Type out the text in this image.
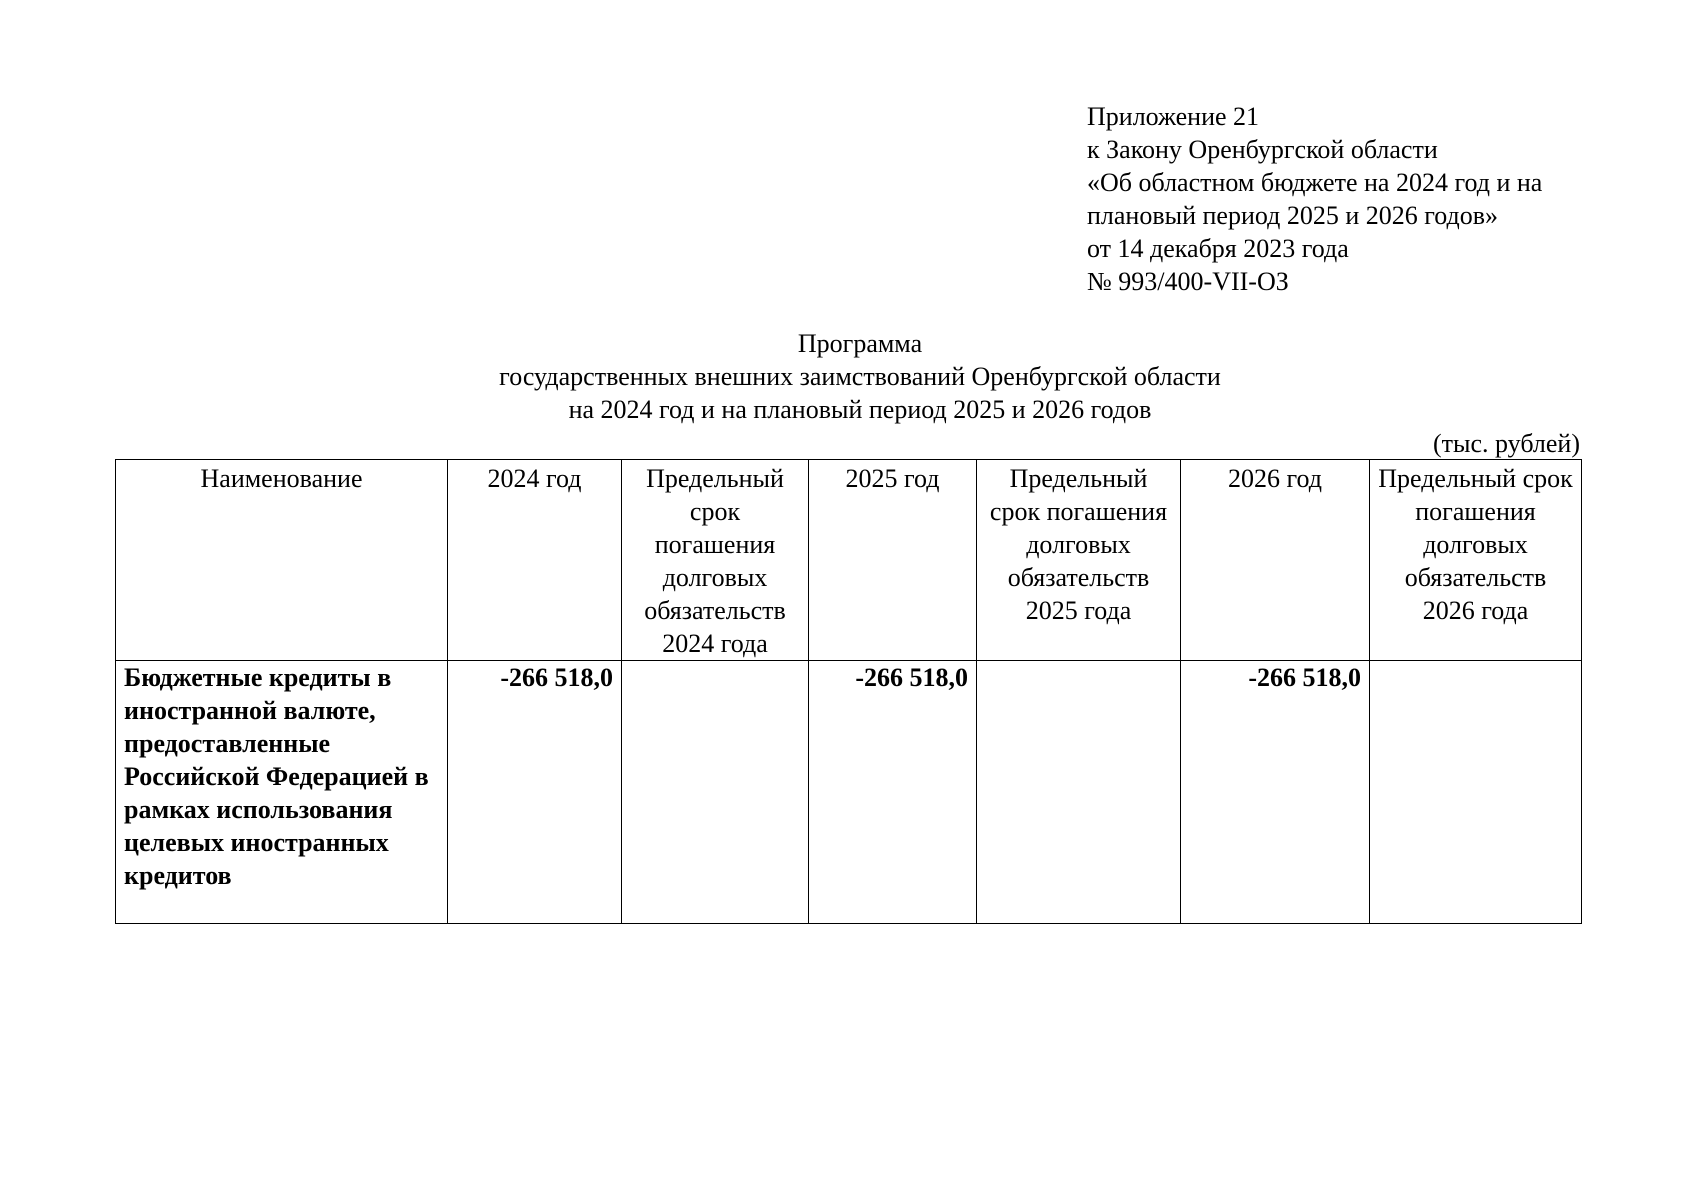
Приложение 21
к Закону Оренбургской области
«Об областном бюджете на 2024 год и на
плановый период 2025 и 2026 годов»
от 14 декабря 2023 года
№ 993/400-VII-ОЗ
Программа
государственных внешних заимствований Оренбургской области
на 2024 год и на плановый период 2025 и 2026 годов
(тыс. рублей)
Наименование	2024 год	Предельный срок погашения долговых обязательств 2024 года	2025 год	Предельный срок погашения долговых обязательств 2025 года	2026 год	Предельный срок погашения долговых обязательств 2026 года
Бюджетные кредиты в иностранной валюте, предоставленные Российской Федерацией в рамках использования целевых иностранных кредитов	-266 518,0		-266 518,0		-266 518,0	
